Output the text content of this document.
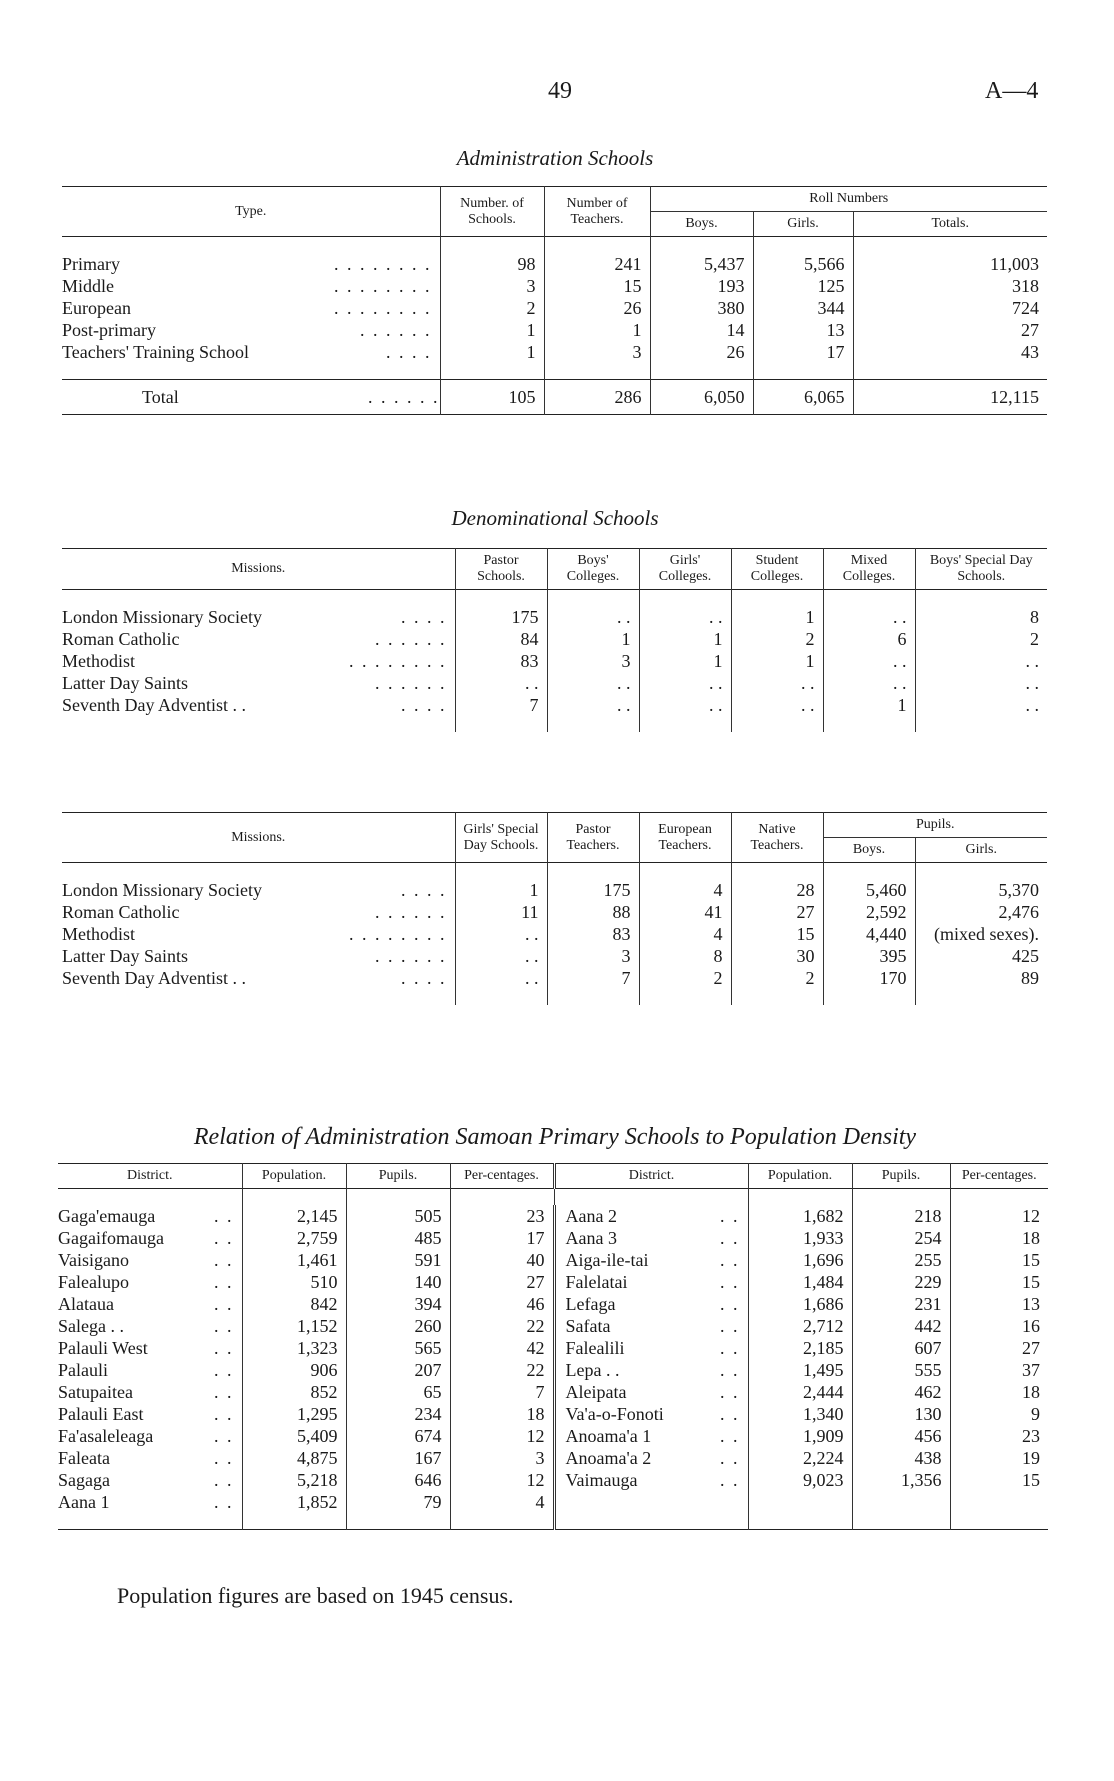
49	A—4
Administration Schools
Type.	Number. of Schools.	Number of Teachers.	Roll Numbers		
			Boys.	Girls.	Totals.

Primary . . . . . . . .	98	241	5,437	5,566	11,003
Middle . . . . . . . .	3	15	193	125	318
European . . . . . . . .	2	26	380	344	724
Post-primary . . . . . .	1	1	14	13	27
Teachers' Training School . . . .	1	3	26	17	43

Total . . . . . .	105	286	6,050	6,065	12,115
Denominational Schools
Missions.	Pastor Schools.	Boys' Colleges.	Girls' Colleges.	Student Colleges.	Mixed Colleges.	Boys' Special Day Schools.

London Missionary Society . . . .	175	. .	. .	1	. .	8
Roman Catholic . . . . . .	84	1	1	2	6	2
Methodist . . . . . . . .	83	3	1	1	. .	. .
Latter Day Saints . . . . . .	. .	. .	. .	. .	. .	. .
Seventh Day Adventist . . . . . .	7	. .	. .	. .	1	. .

Missions.	Girls' Special Day Schools.	Pastor Teachers.	European Teachers.	Native Teachers.	Pupils.	
					Boys.	Girls.

London Missionary Society . . . .	1	175	4	28	5,460	5,370
Roman Catholic . . . . . .	11	88	41	27	2,592	2,476
Methodist . . . . . . . .	. .	83	4	15	4,440	(mixed sexes).
Latter Day Saints . . . . . .	. .	3	8	30	395	425
Seventh Day Adventist . . . . . .	. .	7	2	2	170	89

Relation of Administration Samoan Primary Schools to Population Density
District.	Population.	Pupils.	Per-centages.	District.	Population.	Pupils.	Per-centages.

Gaga'emauga . .	2,145	505	23	Aana 2 . .	1,682	218	12
Gagaifomauga . .	2,759	485	17	Aana 3 . .	1,933	254	18
Vaisigano . .	1,461	591	40	Aiga-ile-tai . .	1,696	255	15
Falealupo . .	510	140	27	Falelatai . .	1,484	229	15
Alataua . .	842	394	46	Lefaga . .	1,686	231	13
Salega . . . .	1,152	260	22	Safata . .	2,712	442	16
Palauli West . .	1,323	565	42	Falealili . .	2,185	607	27
Palauli . .	906	207	22	Lepa . . . .	1,495	555	37
Satupaitea . .	852	65	7	Aleipata . .	2,444	462	18
Palauli East . .	1,295	234	18	Va'a-o-Fonoti . .	1,340	130	9
Fa'asaleleaga . .	5,409	674	12	Anoama'a 1 . .	1,909	456	23
Faleata . .	4,875	167	3	Anoama'a 2 . .	2,224	438	19
Sagaga . .	5,218	646	12	Vaimauga . .	9,023	1,356	15
Aana 1 . .	1,852	79	4				

Population figures are based on 1945 census.
